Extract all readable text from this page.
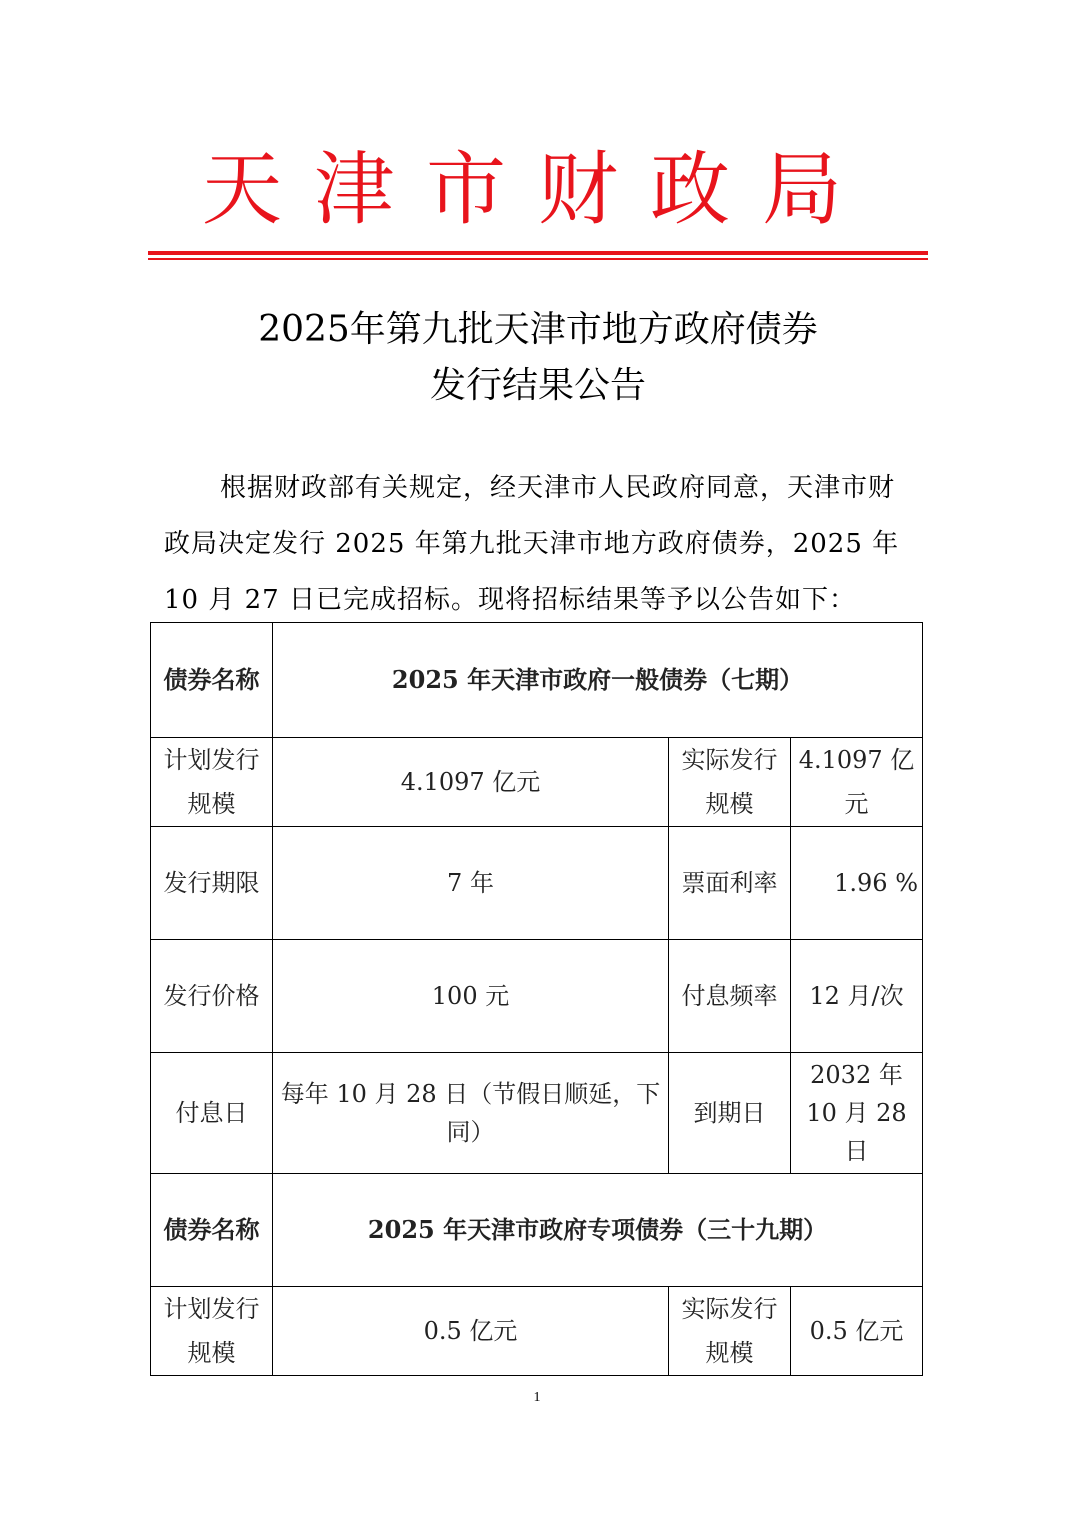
天津市财政局
2025年第九批天津市地方政府债券
发行结果公告

根据财政部有关规定，经天津市人民政府同意，天津市财政局决定发行 2025 年第九批天津市地方政府债券，2025 年 10 月 27 日已完成招标。现将招标结果等予以公告如下：

债券名称	2025 年天津市政府一般债券（七期）		
计划发行规模	4.1097 亿元	实际发行规模	4.1097 亿元
发行期限	7 年	票面利率	1.96 %
发行价格	100 元	付息频率	12 月/次
付息日	每年 10 月 28 日（节假日顺延，下同）	到期日	2032 年 10 月 28 日
债券名称	2025 年天津市政府专项债券（三十九期）		
计划发行规模	0.5 亿元	实际发行规模	0.5 亿元
1
